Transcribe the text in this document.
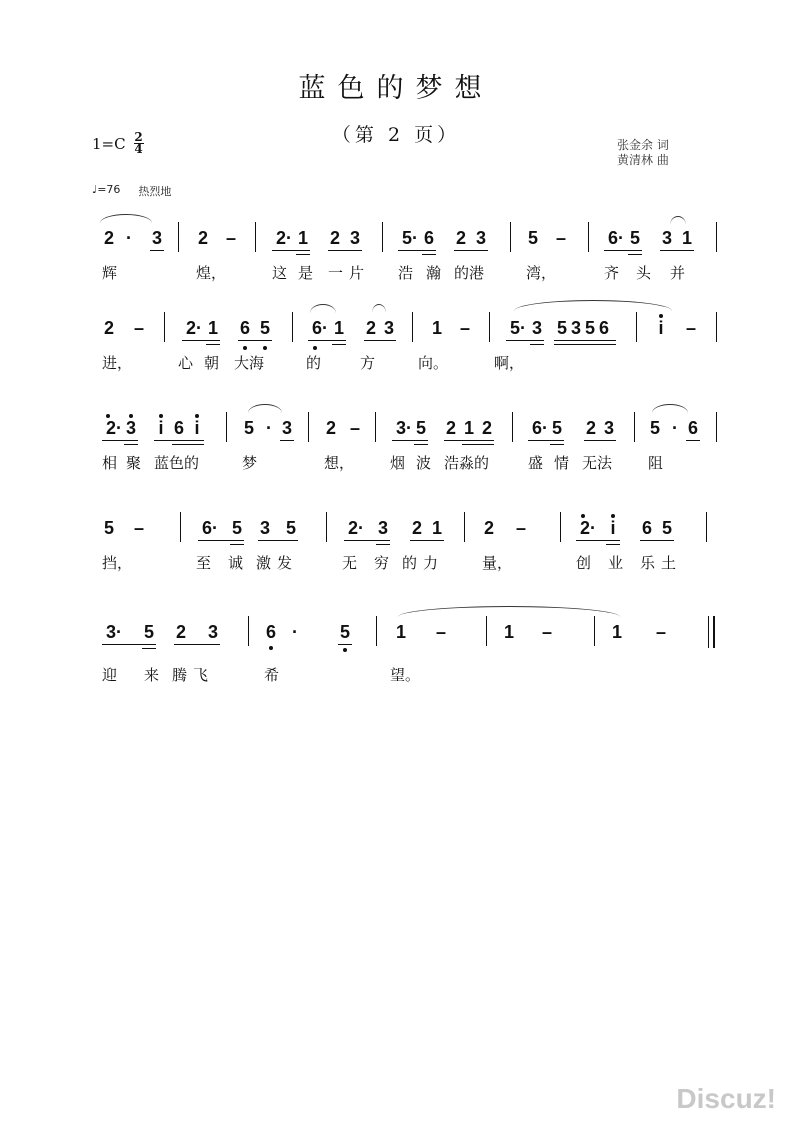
蓝色的梦想
（第 2 页）
1=C 2
4	张金余 词
黄清林 曲
♩=76 热烈地
2 · 3 2 – 2· 1 2 3 5· 6 2 3 5 – 6· 5 3 1
辉	煌，	这 是 一片 浩 瀚 的港	湾，	齐 头 并
2 – 2· 1 6 5 6· 1 2 3 1 – 5· 3 5356	i –
进，	心 朝 大海	的	方	向。	啊，
2· 3 i 6 i 5 · 3 2 – 3· 5 2 1 2 6· 5 2 3 5 · 6
相 聚 蓝色的	梦	想， 烟 波 浩淼的	盛 情 无法 阻
5 –	6· 5 3 5	2· 3 2 1 2 –	2· i 6 5
挡，	至 诚 激发	无 穷 的力	量，	创 业 乐土
3· 5 2 3	6 · 5	1 –	1 –	1 –
迎 来 腾飞	希	望。
Discuz!
